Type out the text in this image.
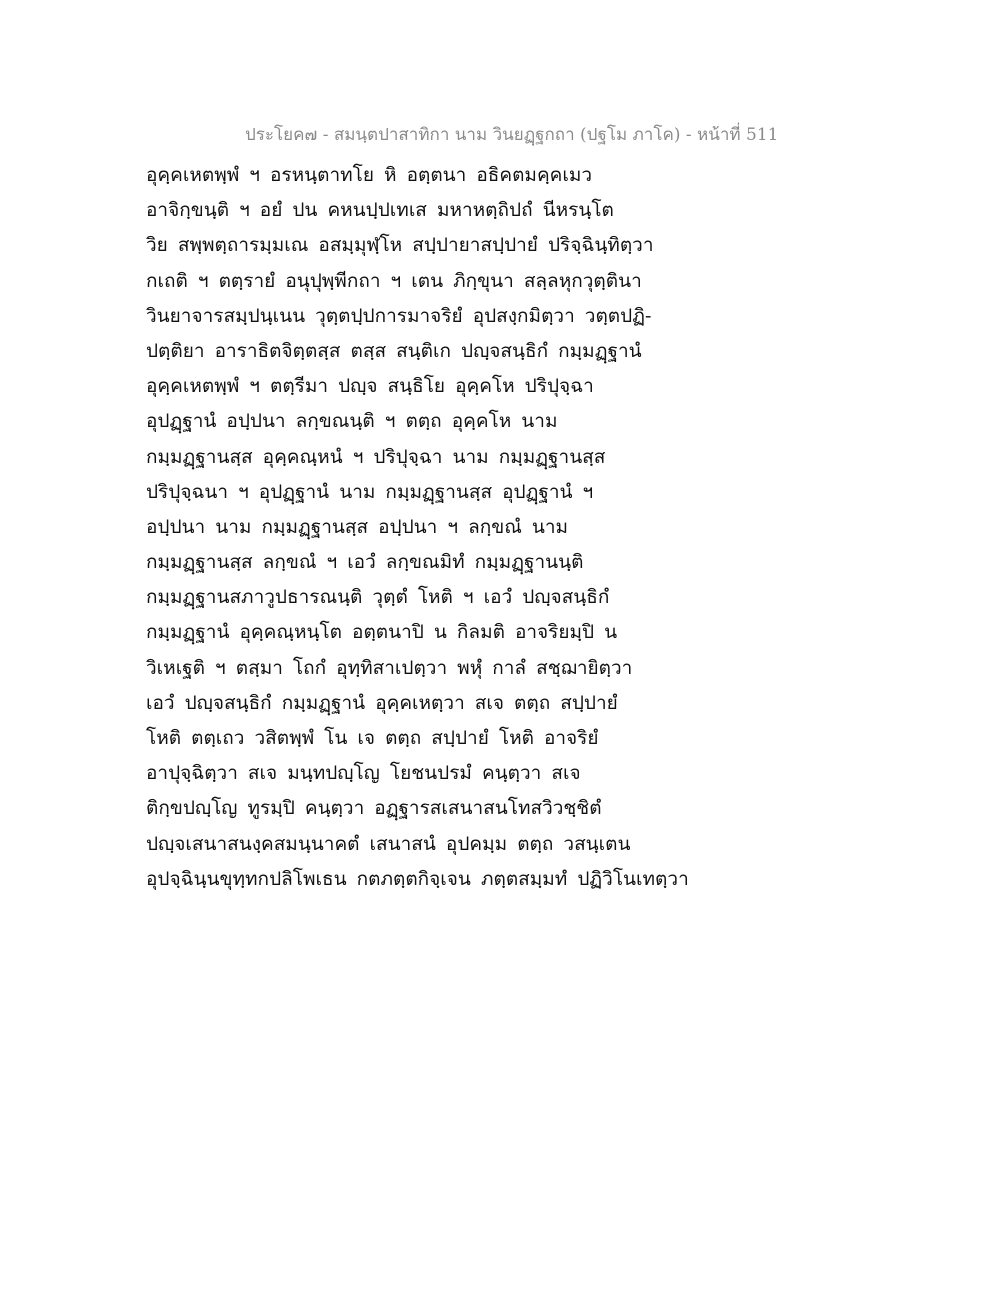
ประโยค๗ - สมนฺตปาสาทิกา นาม วินยฏฺฐกถา (ปฐโม ภาโค) - หน้าที่ 511
อุคฺคเหตพฺพํ ฯ อรหนฺตาทโย หิ อตฺตนา อธิคตมคฺคเมว
อาจิกฺขนฺติ ฯ อยํ ปน คหนปฺปเทเส มหาหตฺถิปถํ นีหรนฺโต
วิย สพฺพตฺถารมฺมเณ อสมฺมุฬฺโห สปฺปายาสปฺปายํ ปริจฺฉินฺทิตฺวา
กเถติ ฯ ตตฺรายํ อนุปุพฺพีกถา ฯ เตน ภิกฺขุนา สลฺลหุกวุตฺตินา
วินยาจารสมฺปนฺเนน วุตฺตปฺปการมาจริยํ อุปสงฺกมิตฺวา วตฺตปฏิ-
ปตฺติยา อาราธิตจิตฺตสฺส ตสฺส สนฺติเก ปญฺจสนฺธิกํ กมฺมฏฺฐานํ
อุคฺคเหตพฺพํ ฯ ตตฺรีมา ปญฺจ สนฺธิโย อุคฺคโห ปริปุจฺฉา
อุปฏฺฐานํ อปฺปนา ลกฺขณนฺติ ฯ ตตฺถ อุคฺคโห นาม
กมฺมฏฺฐานสฺส อุคฺคณฺหนํ ฯ ปริปุจฺฉา นาม กมฺมฏฺฐานสฺส
ปริปุจฺฉนา ฯ อุปฏฺฐานํ นาม กมฺมฏฺฐานสฺส อุปฏฺฐานํ ฯ
อปฺปนา นาม กมฺมฏฺฐานสฺส อปฺปนา ฯ ลกฺขณํ นาม
กมฺมฏฺฐานสฺส ลกฺขณํ ฯ เอวํ ลกฺขณมิทํ กมฺมฏฺฐานนฺติ
กมฺมฏฺฐานสภาวูปธารณนฺติ วุตฺตํ โหติ ฯ เอวํ ปญฺจสนฺธิกํ
กมฺมฏฺฐานํ อุคฺคณฺหนฺโต อตฺตนาปิ น กิลมติ อาจริยมฺปิ น
วิเหเฐติ ฯ ตสฺมา โถกํ อุทฺทิสาเปตฺวา พหุํ กาลํ สชฺฌายิตฺวา
เอวํ ปญฺจสนฺธิกํ กมฺมฏฺฐานํ อุคฺคเหตฺวา สเจ ตตฺถ สปฺปายํ
โหติ ตตฺเถว วสิตพฺพํ โน เจ ตตฺถ สปฺปายํ โหติ อาจริยํ
อาปุจฺฉิตฺวา สเจ มนฺทปญฺโญ โยชนปรมํ คนฺตฺวา สเจ
ติกฺขปญฺโญ ทูรมฺปิ คนฺตฺวา อฏฺฐารสเสนาสนโทสวิวชฺชิตํ
ปญฺจเสนาสนงฺคสมนฺนาคตํ เสนาสนํ อุปคมฺม ตตฺถ วสนฺเตน
อุปจฺฉินฺนขุทฺทกปลิโพเธน กตภตฺตกิจฺเจน ภตฺตสมฺมทํ ปฏิวิโนเทตฺวา
